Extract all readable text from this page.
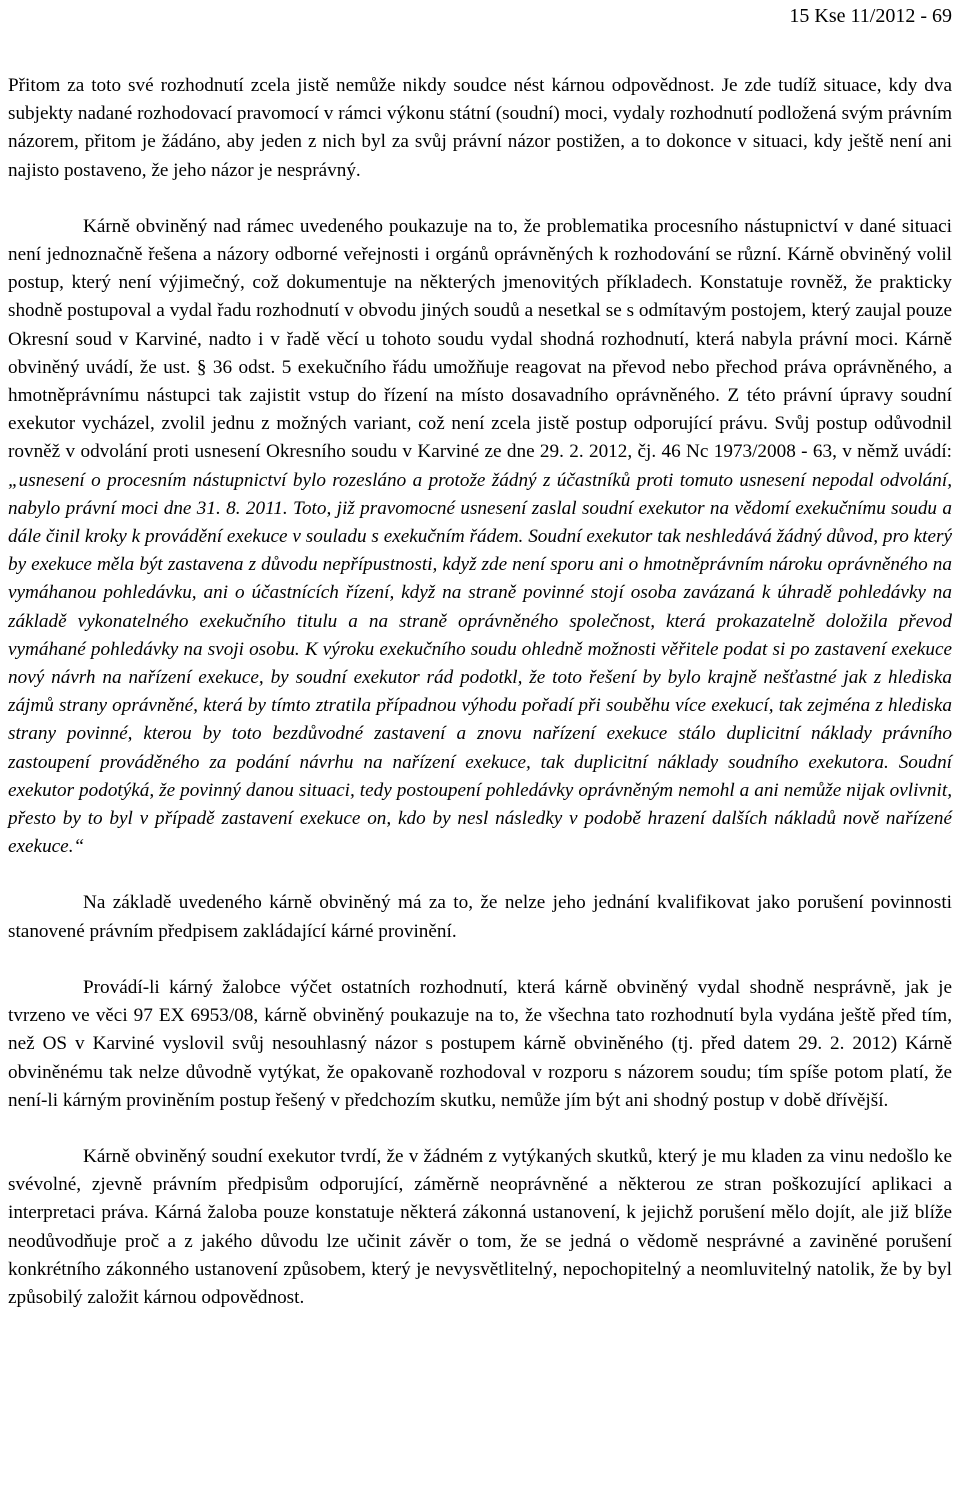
15 Kse 11/2012 - 69

Přitom za toto své rozhodnutí zcela jistě nemůže nikdy soudce nést kárnou odpovědnost. Je zde tudíž situace, kdy dva subjekty nadané rozhodovací pravomocí v rámci výkonu státní (soudní) moci, vydaly rozhodnutí podložená svým právním názorem, přitom je žádáno, aby jeden z nich byl za svůj právní názor postižen, a to dokonce v situaci, kdy ještě není ani najisto postaveno, že jeho názor je nesprávný.

Kárně obviněný nad rámec uvedeného poukazuje na to, že problematika procesního nástupnictví v dané situaci není jednoznačně řešena a názory odborné veřejnosti i orgánů oprávněných k rozhodování se různí. Kárně obviněný volil postup, který není výjimečný, což dokumentuje na některých jmenovitých příkladech. Konstatuje rovněž, že prakticky shodně postupoval a vydal řadu rozhodnutí v obvodu jiných soudů a nesetkal se s odmítavým postojem, který zaujal pouze Okresní soud v Karviné, nadto i v řadě věcí u tohoto soudu vydal shodná rozhodnutí, která nabyla právní moci. Kárně obviněný uvádí, že ust. § 36 odst. 5 exekučního řádu umožňuje reagovat na převod nebo přechod práva oprávněného, a hmotněprávnímu nástupci tak zajistit vstup do řízení na místo dosavadního oprávněného. Z této právní úpravy soudní exekutor vycházel, zvolil jednu z možných variant, což není zcela jistě postup odporující právu. Svůj postup odůvodnil rovněž v odvolání proti usnesení Okresního soudu v Karviné ze dne 29. 2. 2012, čj. 46 Nc 1973/2008 - 63, v němž uvádí: „usnesení o procesním nástupnictví bylo rozesláno a protože žádný z účastníků proti tomuto usnesení nepodal odvolání, nabylo právní moci dne 31. 8. 2011. Toto, již pravomocné usnesení zaslal soudní exekutor na vědomí exekučnímu soudu a dále činil kroky k provádění exekuce v souladu s exekučním řádem. Soudní exekutor tak neshledává žádný důvod, pro který by exekuce měla být zastavena z důvodu nepřípustnosti, když zde není sporu ani o hmotněprávním nároku oprávněného na vymáhanou pohledávku, ani o účastnících řízení, když na straně povinné stojí osoba zavázaná k úhradě pohledávky na základě vykonatelného exekučního titulu a na straně oprávněného společnost, která prokazatelně doložila převod vymáhané pohledávky na svoji osobu. K výroku exekučního soudu ohledně možnosti věřitele podat si po zastavení exekuce nový návrh na nařízení exekuce, by soudní exekutor rád podotkl, že toto řešení by bylo krajně nešťastné jak z hlediska zájmů strany oprávněné, která by tímto ztratila případnou výhodu pořadí při souběhu více exekucí, tak zejména z hlediska strany povinné, kterou by toto bezdůvodné zastavení a znovu nařízení exekuce stálo duplicitní náklady právního zastoupení prováděného za podání návrhu na nařízení exekuce, tak duplicitní náklady soudního exekutora. Soudní exekutor podotýká, že povinný danou situaci, tedy postoupení pohledávky oprávněným nemohl a ani nemůže nijak ovlivnit, přesto by to byl v případě zastavení exekuce on, kdo by nesl následky v podobě hrazení dalších nákladů nově nařízené exekuce.“

Na základě uvedeného kárně obviněný má za to, že nelze jeho jednání kvalifikovat jako porušení povinnosti stanovené právním předpisem zakládající kárné provinění.

Provádí-li kárný žalobce výčet ostatních rozhodnutí, která kárně obviněný vydal shodně nesprávně, jak je tvrzeno ve věci 97 EX 6953/08, kárně obviněný poukazuje na to, že všechna tato rozhodnutí byla vydána ještě před tím, než OS v Karviné vyslovil svůj nesouhlasný názor s postupem kárně obviněného (tj. před datem 29. 2. 2012) Kárně obviněnému tak nelze důvodně vytýkat, že opakovaně rozhodoval v rozporu s názorem soudu; tím spíše potom platí, že není-li kárným proviněním postup řešený v předchozím skutku, nemůže jím být ani shodný postup v době dřívější.

Kárně obviněný soudní exekutor tvrdí, že v žádném z vytýkaných skutků, který je mu kladen za vinu nedošlo ke svévolné, zjevně právním předpisům odporující, záměrně neoprávněné a některou ze stran poškozující aplikaci a interpretaci práva. Kárná žaloba pouze konstatuje některá zákonná ustanovení, k jejichž porušení mělo dojít, ale již blíže neodůvodňuje proč a z jakého důvodu lze učinit závěr o tom, že se jedná o vědomě nesprávné a zaviněné porušení konkrétního zákonného ustanovení způsobem, který je nevysvětlitelný, nepochopitelný a neomluvitelný natolik, že by byl způsobilý založit kárnou odpovědnost.
